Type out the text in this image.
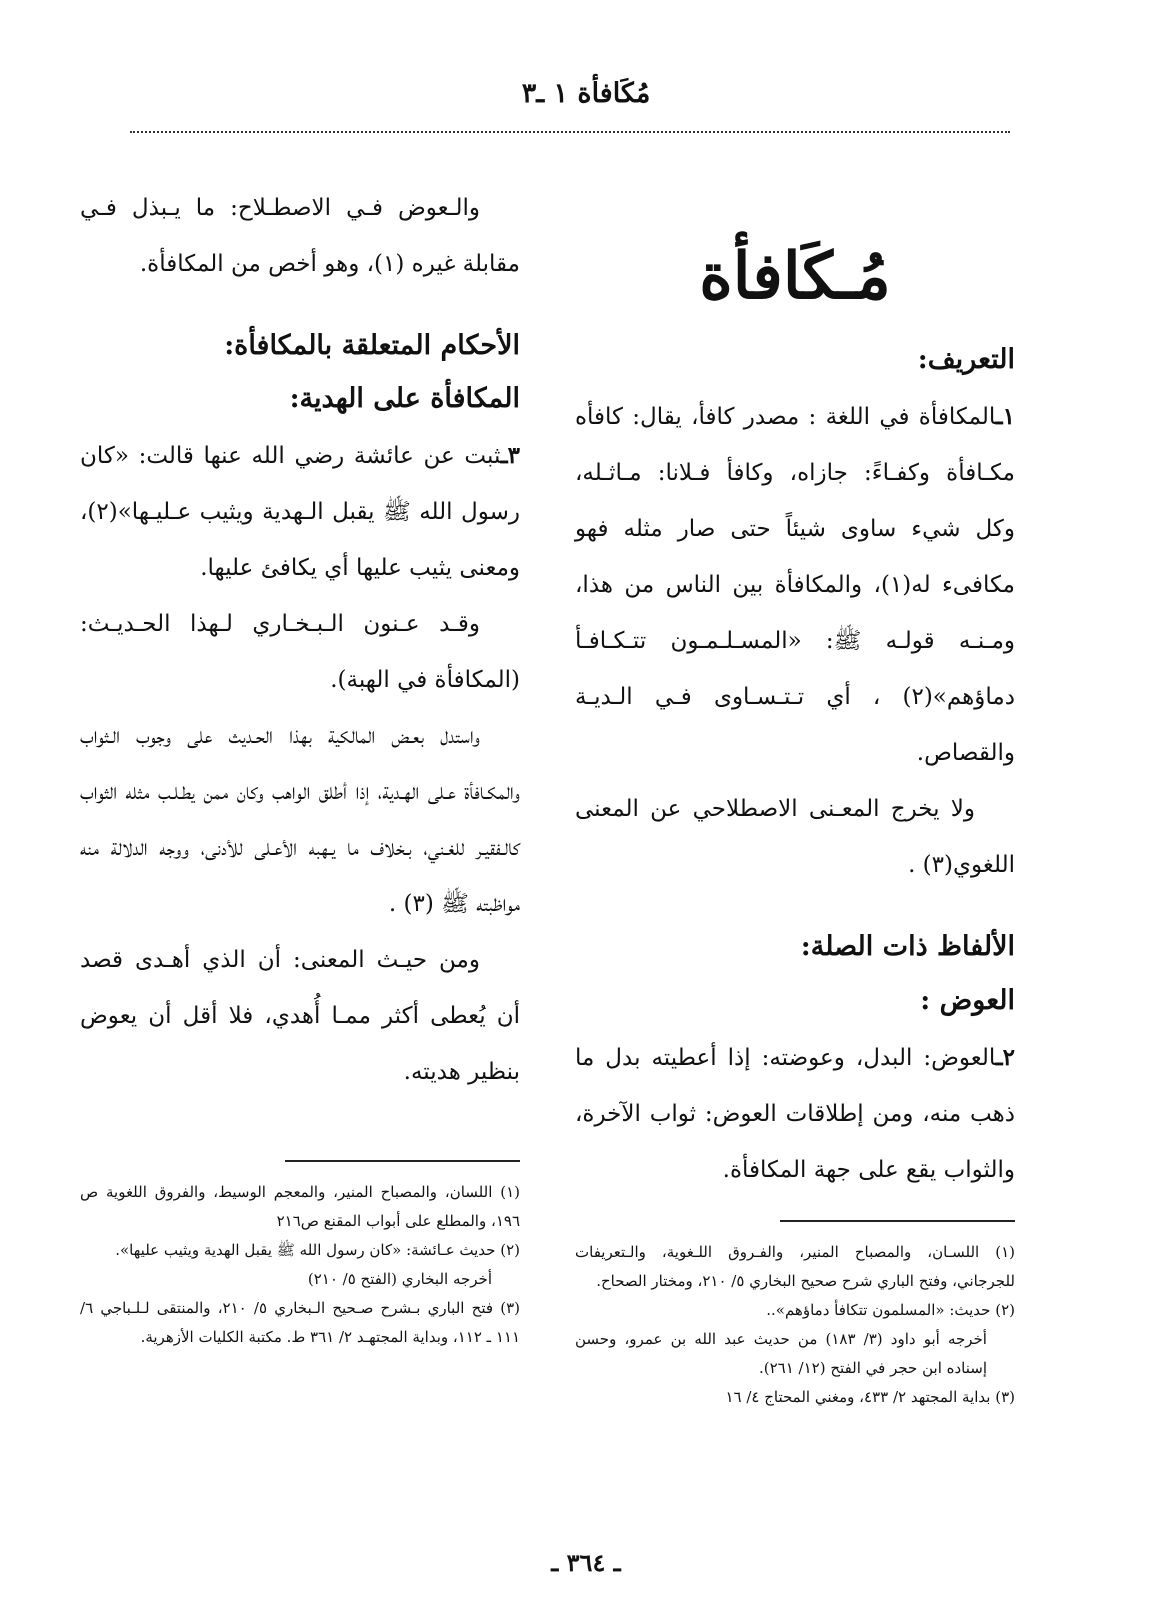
مُكَافأة ١ ـ٣
مُـكَافأة
التعريف:

١ـالمكافأة في اللغة : مصدر كافأ، يقال: كافأه مكـافأة وكفـاءً: جازاه، وكافأ فـلانا: مـاثـله، وكل شيء ساوى شيئاً حتى صار مثله فهو مكافىء له(١)، والمكافأة بين الناس من هذا، ومـنـه قولـه ﷺ: «المسـلـمـون تتـكـافـأ دماؤهم»(٢) ، أي تـتـسـاوى فـي الـديـة والقصاص.

ولا يخرج المعـنى الاصطلاحي عن المعنى اللغوي(٣) .

الألفاظ ذات الصلة:
العوض :

٢ـالعوض: البدل، وعوضته: إذا أعطيته بدل ما ذهب منه، ومن إطلاقات العوض: ثواب الآخرة، والثواب يقع على جهة المكافأة.

(١) اللسـان، والمصباح المنير، والفـروق اللـغوية، والـتعريفات للجرجاني، وفتح الباري شرح صحيح البخاري ٥/ ٢١٠، ومختار الصحاح.

(٢) حديث: «المسلمون تتكافأ دماؤهم»..

أخرجه أبو داود (٣/ ١٨٣) من حديث عبد الله بن عمرو، وحسن إسناده ابن حجر في الفتح (١٢/ ٢٦١).

(٣) بداية المجتهد ٢/ ٤٣٣، ومغني المحتاج ٤/ ١٦

والـعوض فـي الاصطـلاح: ما يـبذل فـي مقابلة غيره (١)، وهو أخص من المكافأة.

الأحكام المتعلقة بالمكافأة:
المكافأة على الهدية:

٣ـثبت عن عائشة رضي الله عنها قالت: «كان رسول الله ﷺ يقبل الـهدية ويثيب عـليـها»(٢)، ومعنى يثيب عليها أي يكافئ عليها.

وقـد عـنون الـبـخـاري لـهذا الحـديـث: (المكافأة في الهبة).

واستدل بعـض المالكية بهذا الحـديث على وجوب الـثواب والمكـافأة عـلى الهـدية، إذا أطلق الواهب وكان ممن يطـلـب مثله الثواب كالـفقيـر للغـني، بـخلاف ما يـهبه الأعـلى للأدنى، ووجه الدلالة منه مواظبته ﷺ (٣) .

ومن حيـث المعنى: أن الذي أهـدى قصد أن يُعطى أكثر ممـا أُهدي، فلا أقل أن يعوض بنظير هديته.

(١) اللسان، والمصباح المنير، والمعجم الوسيط، والفروق اللغوية ص ١٩٦، والمطلع على أبواب المقنع ص٢١٦

(٢) حديث عـائشة: «كان رسول الله ﷺ يقبل الهدية ويثيب عليها».

أخرجه البخاري (الفتح ٥/ ٢١٠)

(٣) فتح الباري بـشرح صـحيح الـبخاري ٥/ ٢١٠، والمنتقى لـلـباجي ٦/ ١١١ ـ ١١٢، وبداية المجتهـد ٢/ ٣٦١ ط. مكتبة الكليات الأزهرية.

ـ ٣٦٤ ـ
